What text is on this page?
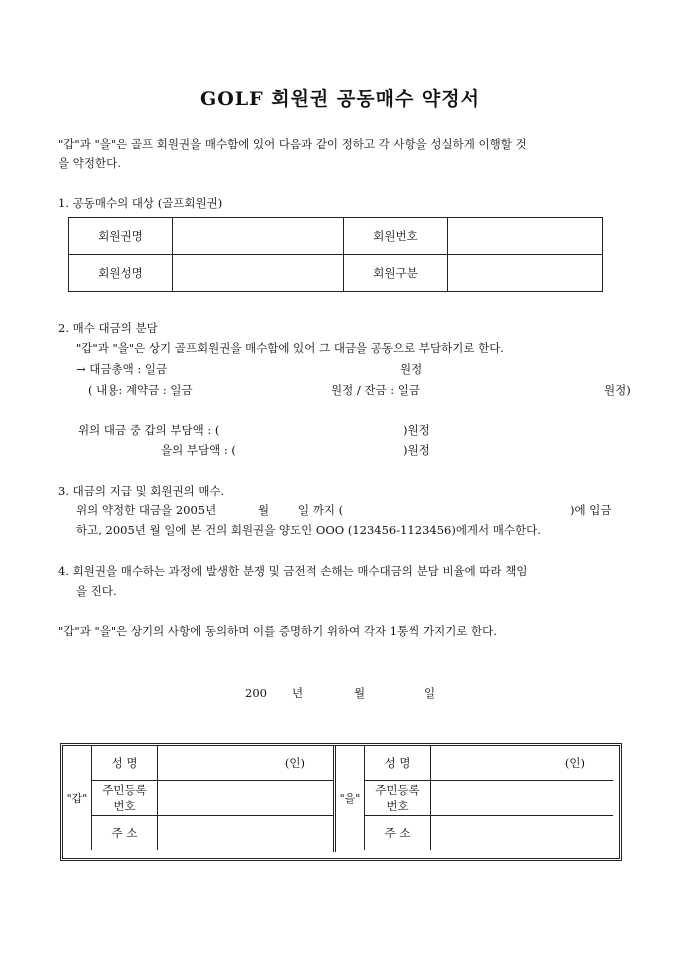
GOLF 회원권 공동매수 약정서
"갑"과 "을"은 골프 회원권을 매수함에 있어 다음과 같이 정하고 각 사항을 성실하게 이행할 것
을 약정한다.
1. 공동매수의 대상 (골프회원권)
회원권명		회원번호	
회원성명		회원구분	
2. 매수 대금의 분담
"갑"과 "을"은 상기 골프회원권을 매수함에 있어 그 대금을 공동으로 부담하기로 한다.
→ 대금총액 : 일금	원정
( 내용: 계약금 : 일금	원정 / 잔금 : 일금	원정)
위의 대금 중 갑의 부담액 : (	)원정
을의 부담액 : (	)원정
3. 대금의 지급 및 회원권의 매수.
위의 약정한 대금을 2005년	월	일 까지 (	)에 입금
하고, 2005년 월 일에 본 건의 회원권을 양도인 OOO (123456-1123456)에게서 매수한다.
4. 회원권을 매수하는 과정에 발생한 분쟁 및 금전적 손해는 매수대금의 분담 비율에 따라 책임
을 진다.
"갑"과 "을"은 상기의 사항에 동의하며 이를 증명하기 위하여 각자 1통씩 가지기로 한다.
200 년	월	일
"갑"	성 명	(인)
	주민등록
번호	
	주 소	
"을"	성 명	(인)
	주민등록
번호	
	주 소	
